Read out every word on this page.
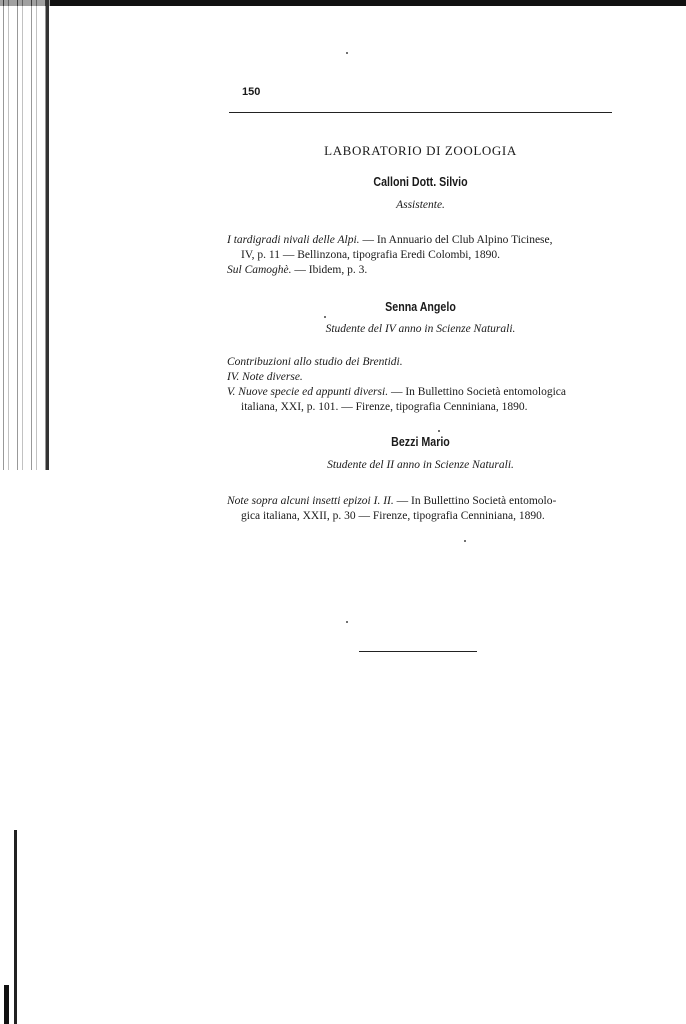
150
LABORATORIO DI ZOOLOGIA
Calloni Dott. Silvio
Assistente.
I tardigradi nivali delle Alpi. — In Annuario del Club Alpino Ticinese,
IV, p. 11 — Bellinzona, tipografia Eredi Colombi, 1890.
Sul Camoghè. — Ibidem, p. 3.
Senna Angelo
Studente del IV anno in Scienze Naturali.
Contribuzioni allo studio dei Brentidi.
IV. Note diverse.
V. Nuove specie ed appunti diversi. — In Bullettino Società entomologica
italiana, XXI, p. 101. — Firenze, tipografia Cenniniana, 1890.
Bezzi Mario
Studente del II anno in Scienze Naturali.
Note sopra alcuni insetti epizoi I. II. — In Bullettino Società entomolo-
gica italiana, XXII, p. 30 — Firenze, tipografia Cenniniana, 1890.
